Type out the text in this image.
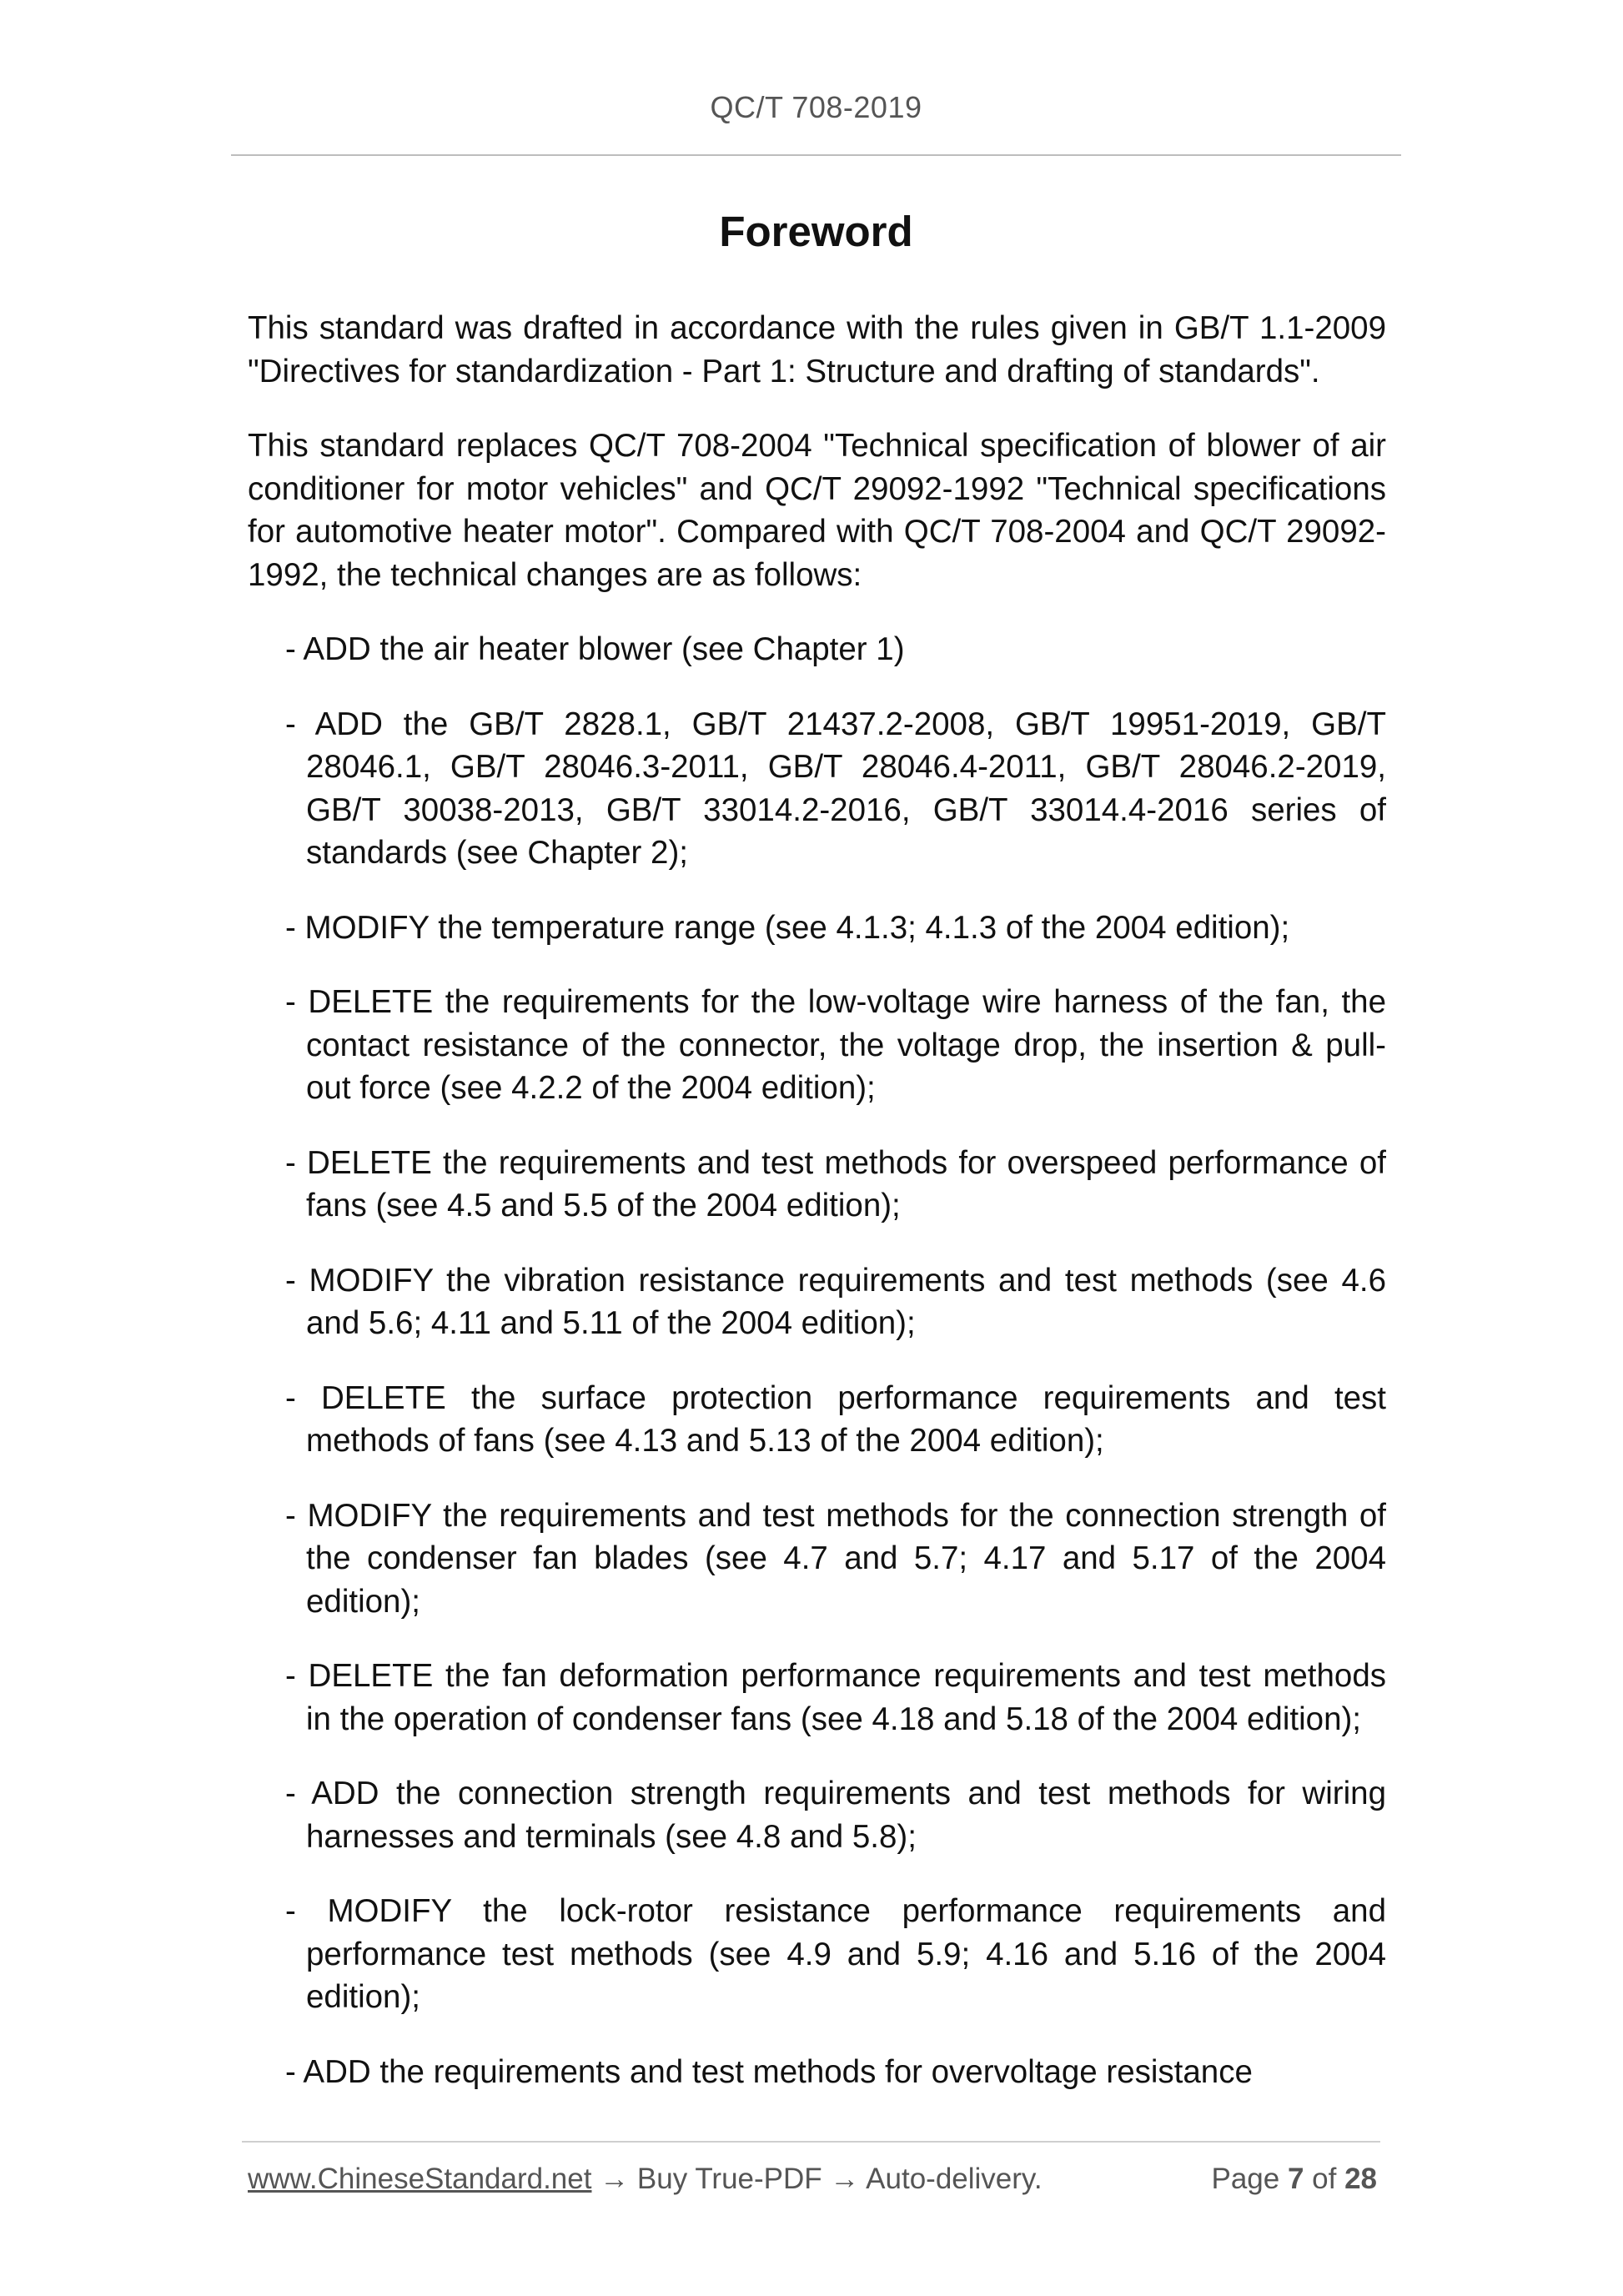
QC/T 708-2019
Foreword

This standard was drafted in accordance with the rules given in GB/T 1.1-2009 "Directives for standardization - Part 1: Structure and drafting of standards".

This standard replaces QC/T 708-2004 "Technical specification of blower of air conditioner for motor vehicles" and QC/T 29092-1992 "Technical specifications for automotive heater motor". Compared with QC/T 708-2004 and QC/T 29092-1992, the technical changes are as follows:

- ADD the air heater blower (see Chapter 1)
- ADD the GB/T 2828.1, GB/T 21437.2-2008, GB/T 19951-2019, GB/T 28046.1, GB/T 28046.3-2011, GB/T 28046.4-2011, GB/T 28046.2-2019, GB/T 30038-2013, GB/T 33014.2-2016, GB/T 33014.4-2016 series of standards (see Chapter 2);
- MODIFY the temperature range (see 4.1.3; 4.1.3 of the 2004 edition);
- DELETE the requirements for the low-voltage wire harness of the fan, the contact resistance of the connector, the voltage drop, the insertion & pull-out force (see 4.2.2 of the 2004 edition);
- DELETE the requirements and test methods for overspeed performance of fans (see 4.5 and 5.5 of the 2004 edition);
- MODIFY the vibration resistance requirements and test methods (see 4.6 and 5.6; 4.11 and 5.11 of the 2004 edition);
- DELETE the surface protection performance requirements and test methods of fans (see 4.13 and 5.13 of the 2004 edition);
- MODIFY the requirements and test methods for the connection strength of the condenser fan blades (see 4.7 and 5.7; 4.17 and 5.17 of the 2004 edition);
- DELETE the fan deformation performance requirements and test methods in the operation of condenser fans (see 4.18 and 5.18 of the 2004 edition);
- ADD the connection strength requirements and test methods for wiring harnesses and terminals (see 4.8 and 5.8);
- MODIFY the lock-rotor resistance performance requirements and performance test methods (see 4.9 and 5.9; 4.16 and 5.16 of the 2004 edition);
- ADD the requirements and test methods for overvoltage resistance
www.ChineseStandard.net → Buy True-PDF → Auto-delivery.	Page 7 of 28
